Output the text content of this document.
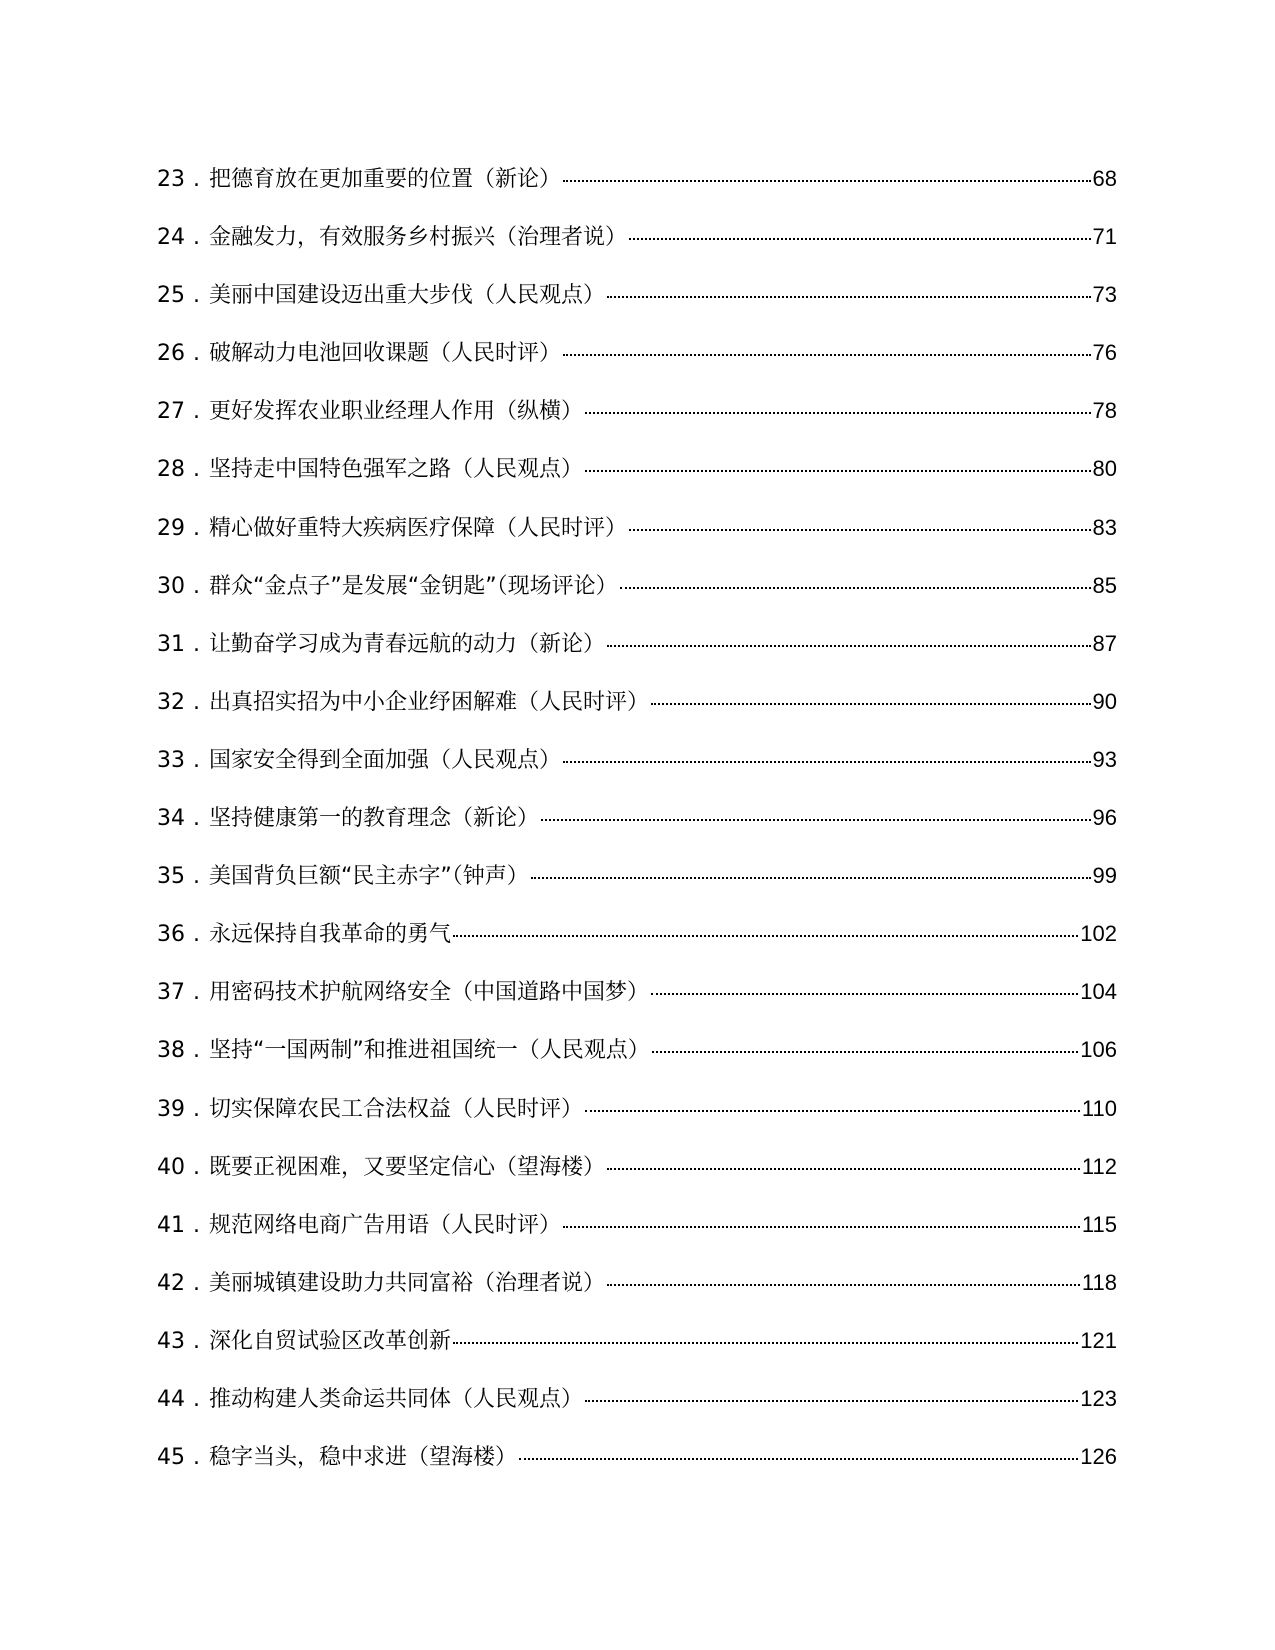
23 . 把德育放在更加重要的位置（新论）	68
24 . 金融发力，有效服务乡村振兴（治理者说）	71
25 . 美丽中国建设迈出重大步伐（人民观点）	73
26 . 破解动力电池回收课题（人民时评）	76
27 . 更好发挥农业职业经理人作用（纵横）	78
28 . 坚持走中国特色强军之路（人民观点）	80
29 . 精心做好重特大疾病医疗保障（人民时评）	83
30 . 群众“金点子”是发展“金钥匙”（现场评论）	85
31 . 让勤奋学习成为青春远航的动力（新论）	87
32 . 出真招实招为中小企业纾困解难（人民时评）	90
33 . 国家安全得到全面加强（人民观点）	93
34 . 坚持健康第一的教育理念（新论）	96
35 . 美国背负巨额“民主赤字”（钟声）	99
36 . 永远保持自我革命的勇气	102
37 . 用密码技术护航网络安全（中国道路中国梦）	104
38 . 坚持“一国两制”和推进祖国统一（人民观点）	106
39 . 切实保障农民工合法权益（人民时评）	110
40 . 既要正视困难，又要坚定信心（望海楼）	112
41 . 规范网络电商广告用语（人民时评）	115
42 . 美丽城镇建设助力共同富裕（治理者说）	118
43 . 深化自贸试验区改革创新	121
44 . 推动构建人类命运共同体（人民观点）	123
45 . 稳字当头，稳中求进（望海楼）	126
